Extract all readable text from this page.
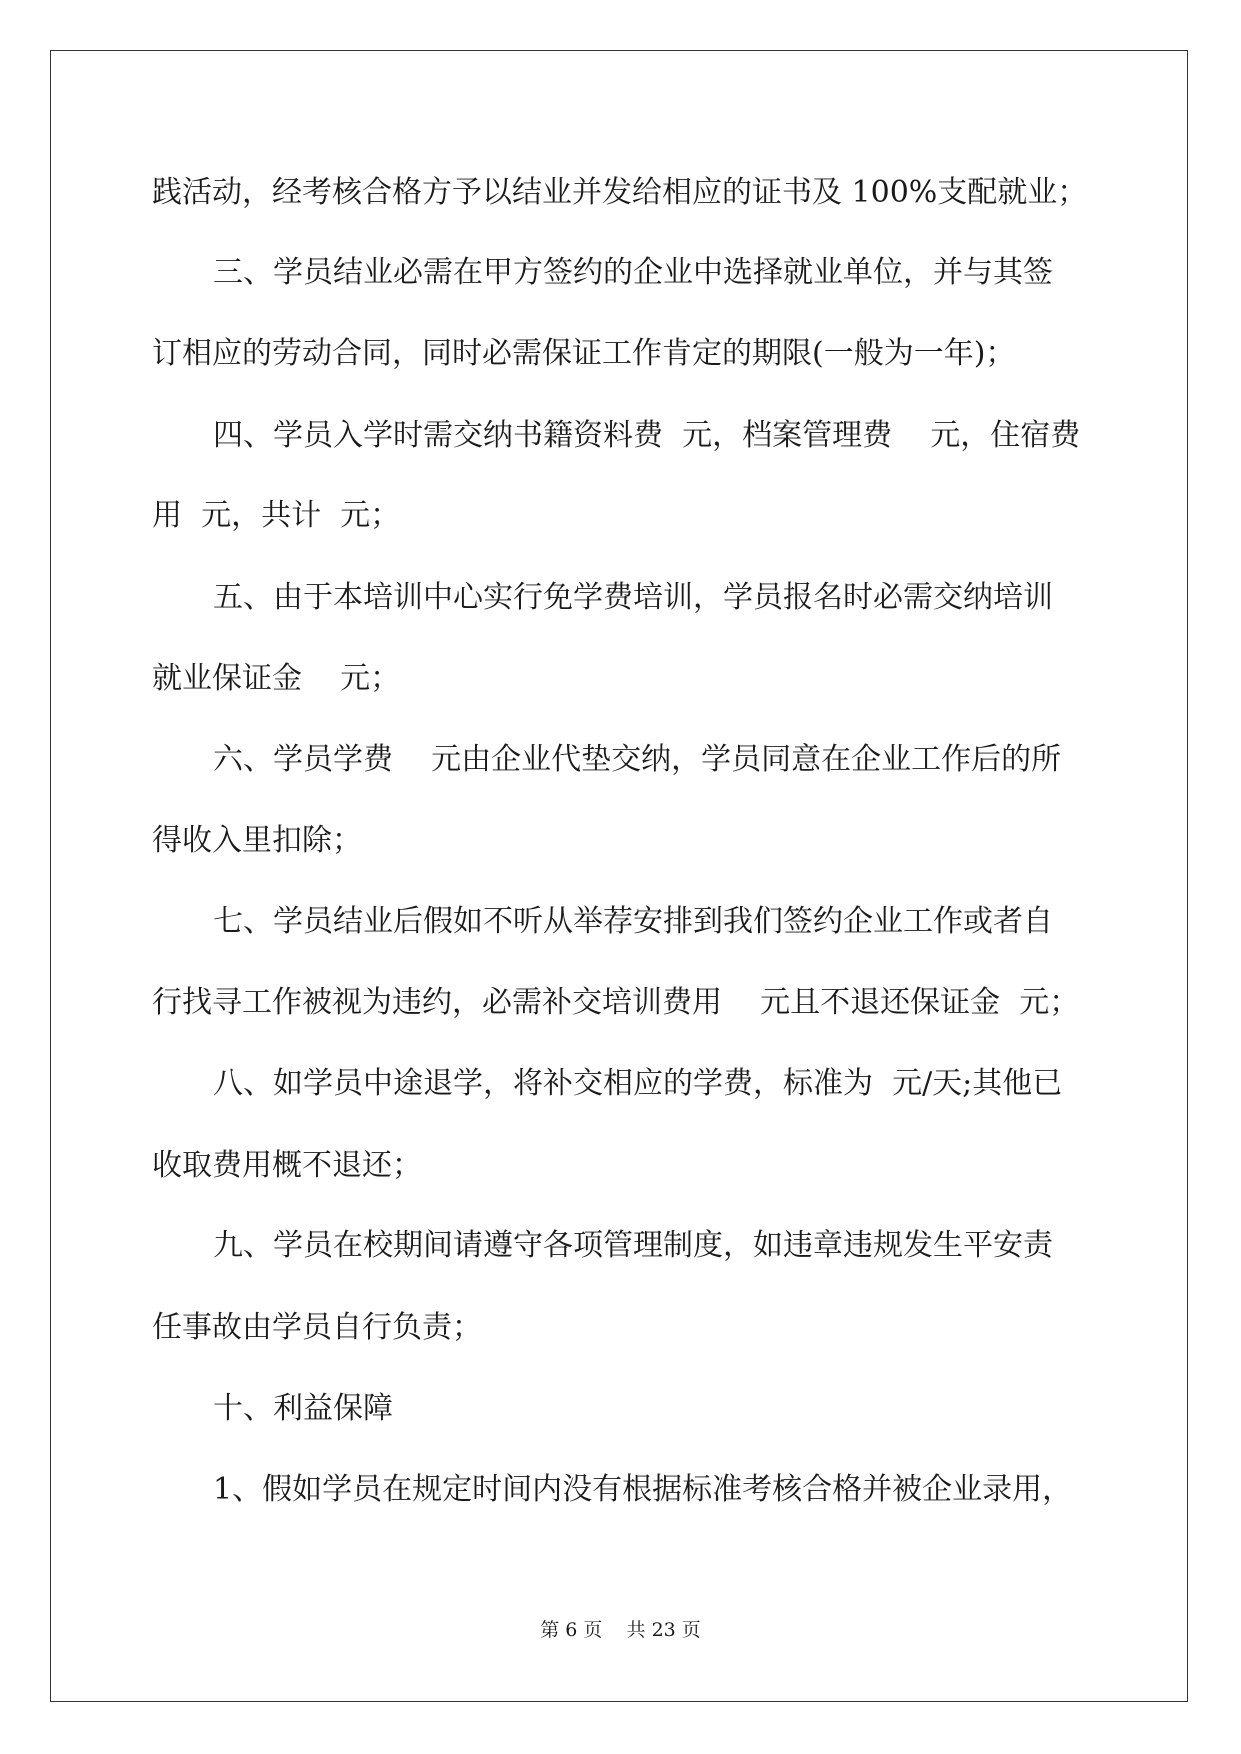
践活动，经考核合格方予以结业并发给相应的证书及 100%支配就业；
三、学员结业必需在甲方签约的企业中选择就业单位，并与其签
订相应的劳动合同，同时必需保证工作肯定的期限(一般为一年)；
四、学员入学时需交纳书籍资料费  元，档案管理费    元，住宿费
用  元，共计  元；
五、由于本培训中心实行免学费培训，学员报名时必需交纳培训
就业保证金    元；
六、学员学费    元由企业代垫交纳，学员同意在企业工作后的所
得收入里扣除；
七、学员结业后假如不听从举荐安排到我们签约企业工作或者自
行找寻工作被视为违约，必需补交培训费用    元且不退还保证金  元；
八、如学员中途退学，将补交相应的学费，标准为  元/天;其他已
收取费用概不退还；
九、学员在校期间请遵守各项管理制度，如违章违规发生平安责
任事故由学员自行负责；
十、利益保障
1、假如学员在规定时间内没有根据标准考核合格并被企业录用，
第 6 页    共 23 页
